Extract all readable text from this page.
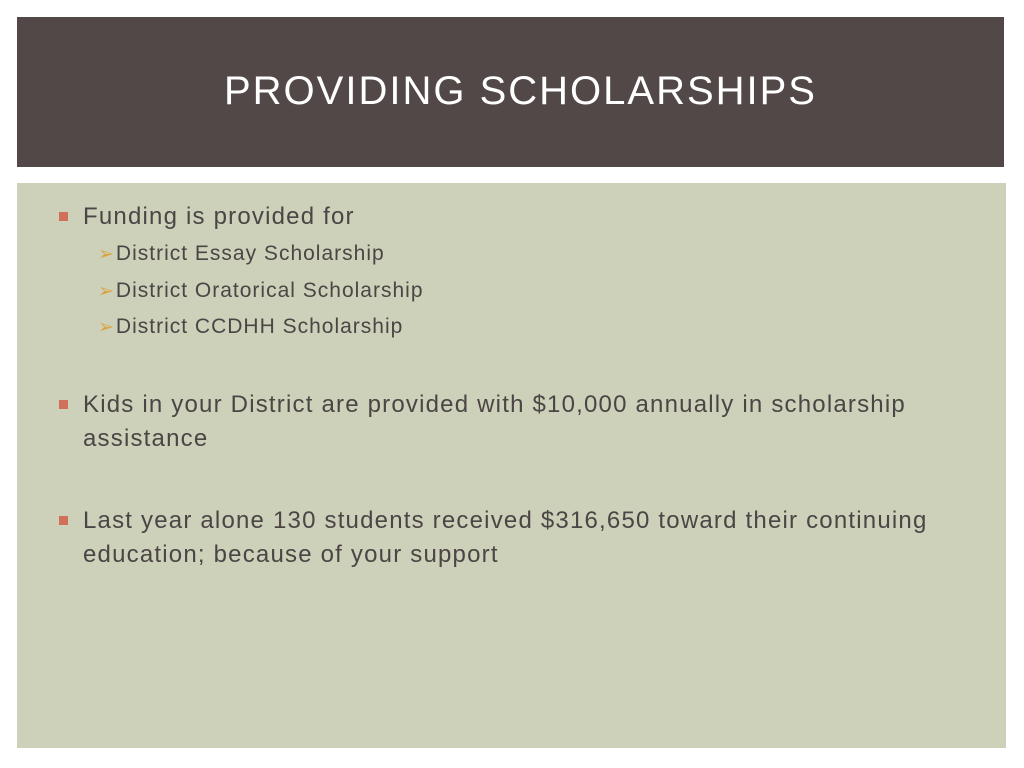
PROVIDING SCHOLARSHIPS
Funding is provided for
➢District Essay Scholarship
➢District Oratorical Scholarship
➢District CCDHH Scholarship
Kids in your District are provided with $10,000 annually in scholarship assistance
Last year alone 130 students received $316,650 toward their continuing education; because of your support
